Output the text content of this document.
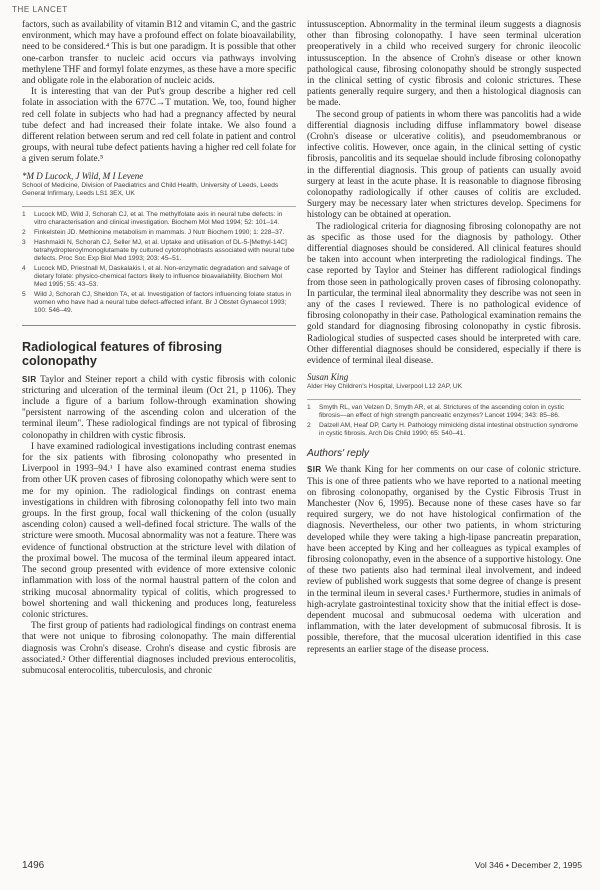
THE LANCET

factors, such as availability of vitamin B12 and vitamin C, and the gastric environment, which may have a profound effect on folate bioavailability, need to be considered.⁴ This is but one paradigm. It is possible that other one-carbon transfer to nucleic acid occurs via pathways involving methylene THF and formyl folate enzymes, as these have a more specific and obligate role in the elaboration of nucleic acids.

It is interesting that van der Put's group describe a higher red cell folate in association with the 677C→T mutation. We, too, found higher red cell folate in subjects who had had a pregnancy affected by neural tube defect and had increased their folate intake. We also found a different relation between serum and red cell folate in patient and control groups, with neural tube defect patients having a higher red cell folate for a given serum folate.⁵

*M D Lucock, J Wild, M I Levene
School of Medicine, Division of Paediatrics and Child Health, University of Leeds, Leeds General Infirmary, Leeds LS1 3EX, UK
1	Lucock MD, Wild J, Schorah CJ, et al. The methylfolate axis in neural tube defects: in vitro characterisation and clinical investigation. Biochem Mol Med 1994; 52: 101–14.
2	Finkelstein JD. Methionine metabolism in mammals. J Nutr Biochem 1990; 1: 228–37.
3	Hashmaidi N, Schorah CJ, Seller MJ, et al. Uptake and utilisation of DL-5-[Methyl-14C] tetrahydropteroylmonoglutamate by cultured cytotrophoblasts associated with neural tube defects. Proc Soc Exp Biol Med 1993; 203: 45–51.
4	Lucock MD, Priestnall M, Daskalakis I, et al. Non-enzymatic degradation and salvage of dietary folate: physico-chemical factors likely to influence bioavailability. Biochem Mol Med 1995; 55: 43–53.
5	Wild J, Schorah CJ, Sheldon TA, et al. Investigation of factors influencing folate status in women who have had a neural tube defect-affected infant. Br J Obstet Gynaecol 1993; 100: 546–49.
Radiological features of fibrosing colonopathy

SIR Taylor and Steiner report a child with cystic fibrosis with colonic stricturing and ulceration of the terminal ileum (Oct 21, p 1106). They include a figure of a barium follow-through examination showing "persistent narrowing of the ascending colon and ulceration of the terminal ileum". These radiological findings are not typical of fibrosing colonopathy in children with cystic fibrosis.

I have examined radiological investigations including contrast enemas for the six patients with fibrosing colonopathy who presented in Liverpool in 1993–94.¹ I have also examined contrast enema studies from other UK proven cases of fibrosing colonopathy which were sent to me for my opinion. The radiological findings on contrast enema investigations in children with fibrosing colonopathy fell into two main groups. In the first group, focal wall thickening of the colon (usually ascending colon) caused a well-defined focal stricture. The walls of the stricture were smooth. Mucosal abnormality was not a feature. There was evidence of functional obstruction at the stricture level with dilation of the proximal bowel. The mucosa of the terminal ileum appeared intact. The second group presented with evidence of more extensive colonic inflammation with loss of the normal haustral pattern of the colon and striking mucosal abnormality typical of colitis, which progressed to bowel shortening and wall thickening and produces long, featureless colonic strictures.

The first group of patients had radiological findings on contrast enema that were not unique to fibrosing colonopathy. The main differential diagnosis was Crohn's disease. Crohn's disease and cystic fibrosis are associated.² Other differential diagnoses included previous enterocolitis, submucosal enterocolitis, tuberculosis, and chronic

intussusception. Abnormality in the terminal ileum suggests a diagnosis other than fibrosing colonopathy. I have seen terminal ulceration preoperatively in a child who received surgery for chronic ileocolic intussusception. In the absence of Crohn's disease or other known pathological cause, fibrosing colonopathy should be strongly suspected in the clinical setting of cystic fibrosis and colonic strictures. These patients generally require surgery, and then a histological diagnosis can be made.

The second group of patients in whom there was pancolitis had a wide differential diagnosis including diffuse inflammatory bowel disease (Crohn's disease or ulcerative colitis), and pseudomembranous or infective colitis. However, once again, in the clinical setting of cystic fibrosis, pancolitis and its sequelae should include fibrosing colonopathy in the differential diagnosis. This group of patients can usually avoid surgery at least in the acute phase. It is reasonable to diagnose fibrosing colonopathy radiologically if other causes of colitis are excluded. Surgery may be necessary later when strictures develop. Specimens for histology can be obtained at operation.

The radiological criteria for diagnosing fibrosing colonopathy are not as specific as those used for the diagnosis by pathology. Other differential diagnoses should be considered. All clinical features should be taken into account when interpreting the radiological findings. The case reported by Taylor and Steiner has different radiological findings from those seen in pathologically proven cases of fibrosing colonopathy. In particular, the terminal ileal abnormality they describe was not seen in any of the cases I reviewed. There is no pathological evidence of fibrosing colonopathy in their case. Pathological examination remains the gold standard for diagnosing fibrosing colonopathy in cystic fibrosis. Radiological studies of suspected cases should be interpreted with care. Other differential diagnoses should be considered, especially if there is evidence of terminal ileal disease.

Susan King
Alder Hey Children's Hospital, Liverpool L12 2AP, UK
1	Smyth RL, van Velzen D, Smyth AR, et al. Strictures of the ascending colon in cystic fibrosis—an effect of high strength pancreatic enzymes? Lancet 1994; 343: 85–86.
2	Dalzell AM, Heaf DP, Carty H. Pathology mimicking distal intestinal obstruction syndrome in cystic fibrosis. Arch Dis Child 1990; 65: 540–41.
Authors' reply

SIR We thank King for her comments on our case of colonic stricture. This is one of three patients who we have reported to a national meeting on fibrosing colonopathy, organised by the Cystic Fibrosis Trust in Manchester (Nov 6, 1995). Because none of these cases have so far required surgery, we do not have histological confirmation of the diagnosis. Nevertheless, our other two patients, in whom stricturing developed while they were taking a high-lipase pancreatin preparation, have been accepted by King and her colleagues as typical examples of fibrosing colonopathy, even in the absence of a supportive histology. One of these two patients also had terminal ileal involvement, and indeed review of published work suggests that some degree of change is present in the terminal ileum in several cases.¹ Furthermore, studies in animals of high-acrylate gastrointestinal toxicity show that the initial effect is dose-dependent mucosal and submucosal oedema with ulceration and inflammation, with the later development of submucosal fibrosis. It is possible, therefore, that the mucosal ulceration identified in this case represents an earlier stage of the disease process.

1496	Vol 346 • December 2, 1995
